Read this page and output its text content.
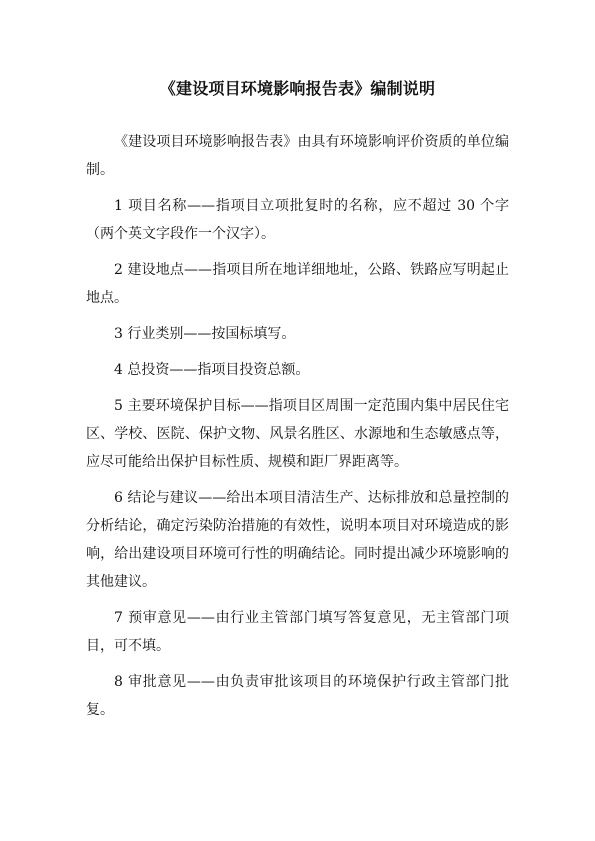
《建设项目环境影响报告表》编制说明

《建设项目环境影响报告表》由具有环境影响评价资质的单位编制。

1 项目名称——指项目立项批复时的名称，应不超过 30 个字（两个英文字段作一个汉字）。

2 建设地点——指项目所在地详细地址，公路、铁路应写明起止地点。

3 行业类别——按国标填写。

4 总投资——指项目投资总额。

5 主要环境保护目标——指项目区周围一定范围内集中居民住宅区、学校、医院、保护文物、风景名胜区、水源地和生态敏感点等，应尽可能给出保护目标性质、规模和距厂界距离等。

6 结论与建议——给出本项目清洁生产、达标排放和总量控制的分析结论，确定污染防治措施的有效性，说明本项目对环境造成的影响，给出建设项目环境可行性的明确结论。同时提出减少环境影响的其他建议。

7 预审意见——由行业主管部门填写答复意见，无主管部门项目，可不填。

8 审批意见——由负责审批该项目的环境保护行政主管部门批复。
